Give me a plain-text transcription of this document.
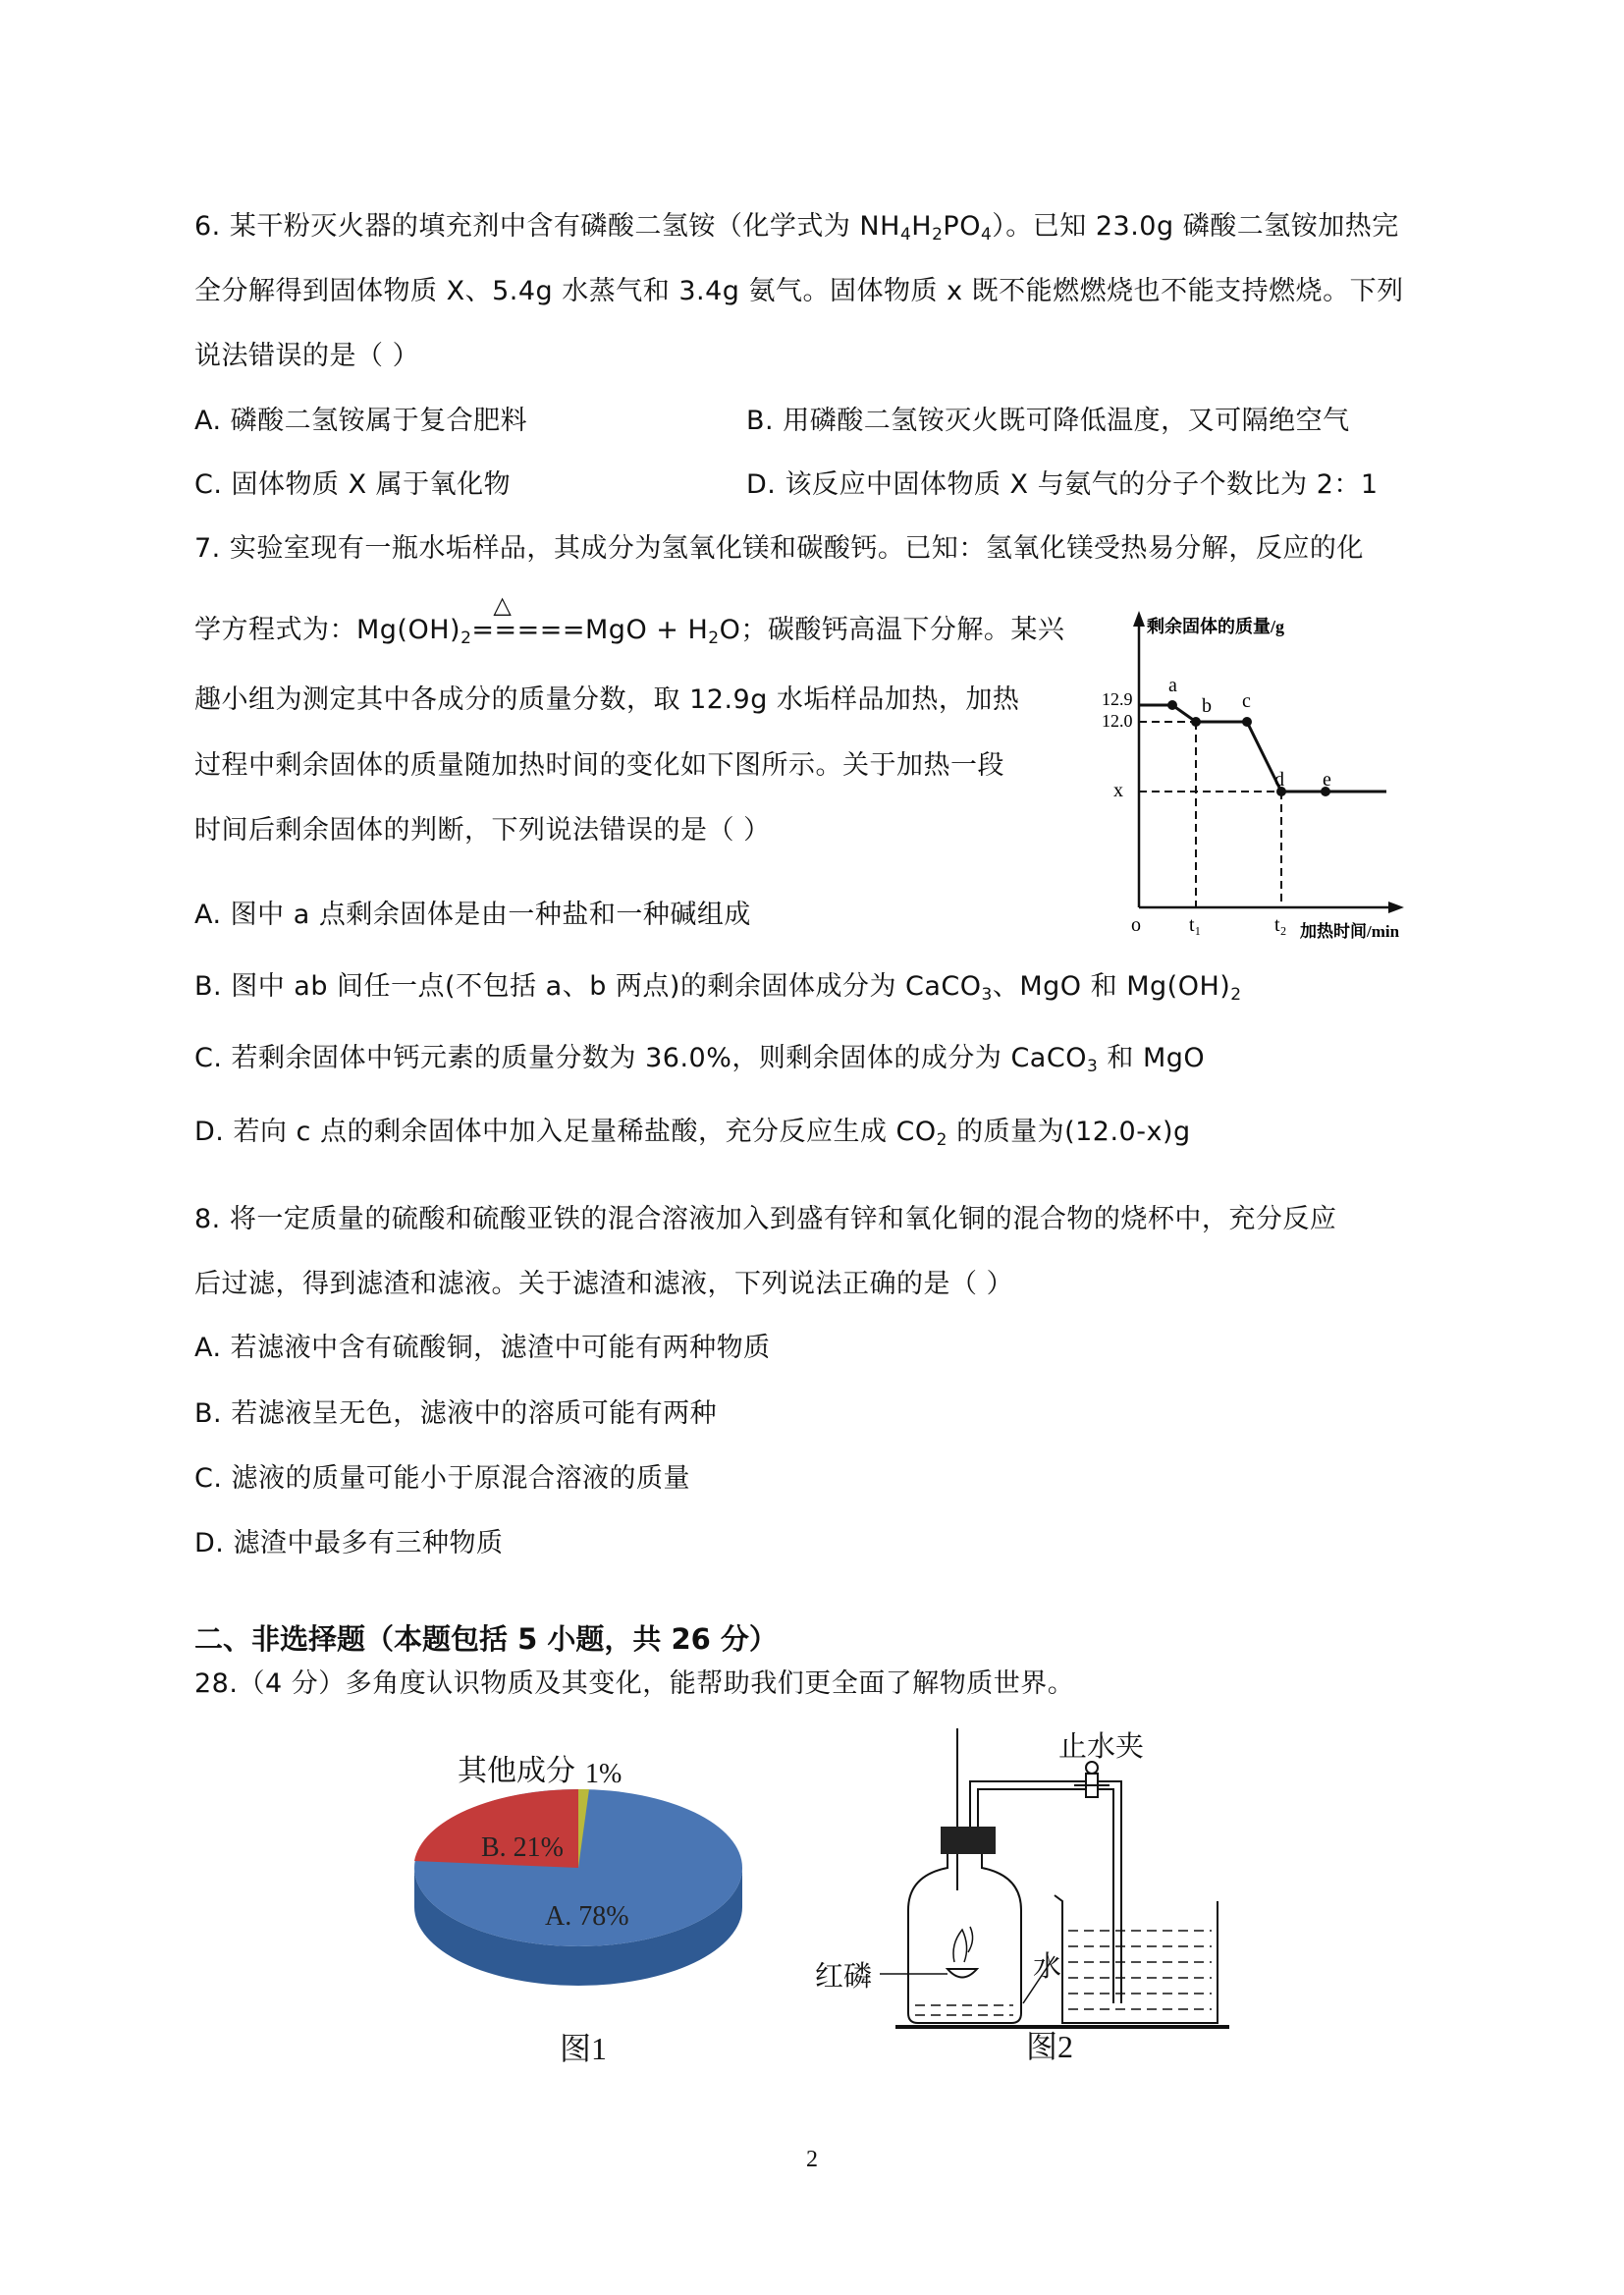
6. 某干粉灭火器的填充剂中含有磷酸二氢铵（化学式为 $NH_4H_2PO_4$）。已知 23.0g 磷酸二氢铵加热完
全分解得到固体物质 X、5.4g 水蒸气和 3.4g 氨气。固体物质 x 既不能燃燃烧也不能支持燃烧。下列
说法错误的是（ ）
A. 磷酸二氢铵属于复合肥料	B. 用磷酸二氢铵灭火既可降低温度，又可隔绝空气
C. 固体物质 X 属于氧化物	D. 该反应中固体物质 X 与氨气的分子个数比为 2：1
7. 实验室现有一瓶水垢样品，其成分为氢氧化镁和碳酸钙。已知：氢氧化镁受热易分解，反应的化
学方程式为：$Mg(OH)_2$
△
$=====MgO + H_2O$；碳酸钙高温下分解。某兴
趣小组为测定其中各成分的质量分数，取 12.9g 水垢样品加热，加热
过程中剩余固体的质量随加热时间的变化如下图所示。关于加热一段
时间后剩余固体的判断，下列说法错误的是（ ）
a
b c
d e
12.9
12.0
x
剩余固体的质量/g
加热时间/min
o t₁	t₂
A. 图中 a 点剩余固体是由一种盐和一种碱组成
B. 图中 ab 间任一点(不包括 a、b 两点)的剩余固体成分为 CaCO$_3$、MgO 和 $Mg(OH)_2$
C. 若剩余固体中钙元素的质量分数为 36.0%，则剩余固体的成分为 CaCO$_3$ 和 MgO
D. 若向 c 点的剩余固体中加入足量稀盐酸，充分反应生成 $CO_2$ 的质量为(12.0-x)g
8. 将一定质量的硫酸和硫酸亚铁的混合溶液加入到盛有锌和氧化铜的混合物的烧杯中，充分反应
后过滤，得到滤渣和滤液。关于滤渣和滤液，下列说法正确的是（ ）
A. 若滤液中含有硫酸铜，滤渣中可能有两种物质
B. 若滤液呈无色，滤液中的溶质可能有两种
C. 滤液的质量可能小于原混合溶液的质量
D. 滤渣中最多有三种物质
二、非选择题（本题包括 5 小题，共 26 分）
28.（4 分）多角度认识物质及其变化，能帮助我们更全面了解物质世界。
A. 78%
B. 21%
其他成分 1%
图1
止水夹
红磷	水
图2
2
